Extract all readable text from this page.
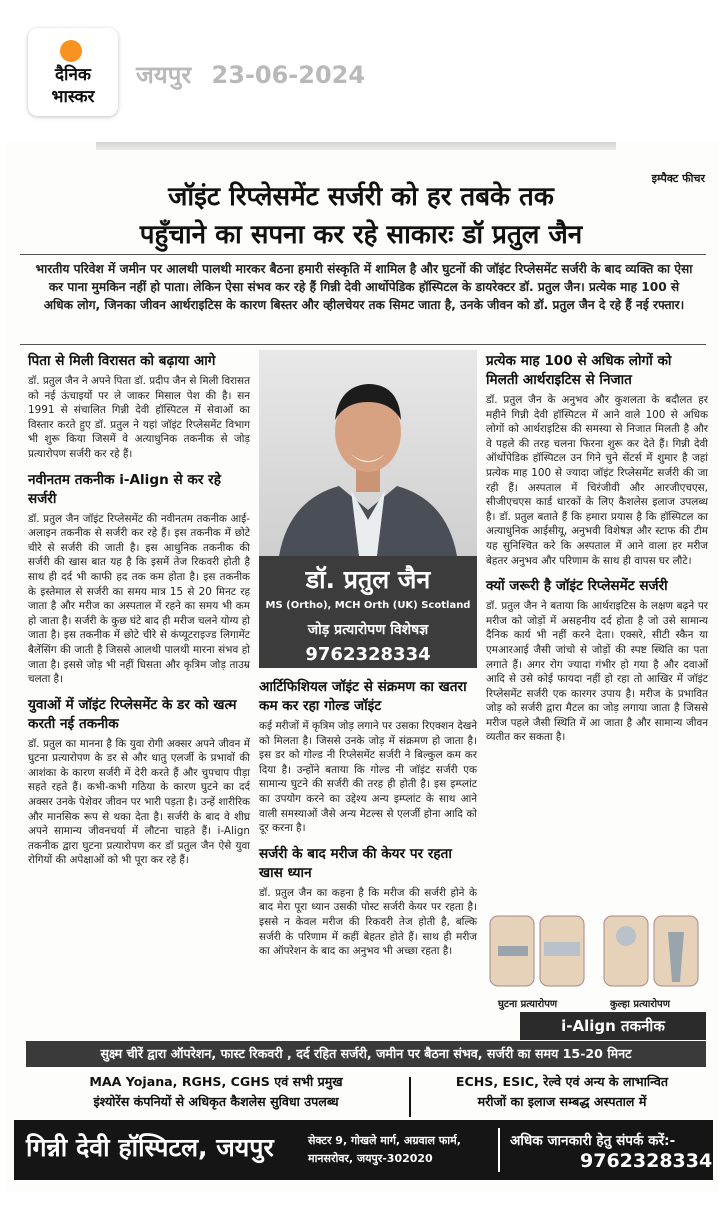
दैनिक
भास्कर
जयपुर 23-06-2024
इम्पैक्ट फीचर
जॉइंट रिप्लेसमेंट सर्जरी को हर तबके तक
पहुँचाने का सपना कर रहे साकारः डॉ प्रतुल जैन
भारतीय परिवेश में जमीन पर आलथी पालथी मारकर बैठना हमारी संस्कृति में शामिल है और घुटनों की जॉइंट रिप्लेसमेंट सर्जरी के बाद व्यक्ति का ऐसा कर पाना मुमकिन नहीं हो पाता। लेकिन ऐसा संभव कर रहे हैं गिन्नी देवी आर्थोपेडिक हॉस्पिटल के डायरेक्टर डॉ. प्रतुल जैन। प्रत्येक माह 100 से अधिक लोग, जिनका जीवन आर्थराइटिस के कारण बिस्तर और व्हीलचेयर तक सिमट जाता है, उनके जीवन को डॉ. प्रतुल जैन दे रहे हैं नई रफ्तार।
पिता से मिली विरासत को बढ़ाया आगे

डॉ. प्रतुल जैन ने अपने पिता डॉ. प्रदीप जैन से मिली विरासत को नई ऊंचाइयों पर ले जाकर मिसाल पेश की है। सन 1991 से संचालित गिन्नी देवी हॉस्पिटल में सेवाओं का विस्तार करते हुए डॉ. प्रतुल ने यहां जॉइंट रिप्लेसमेंट विभाग भी शुरू किया जिसमें वे अत्याधुनिक तकनीक से जोड़ प्रत्यारोपण सर्जरी कर रहे हैं।

नवीनतम तकनीक i-Align से कर रहे सर्जरी

डॉ. प्रतुल जैन जॉइंट रिप्लेसमेंट की नवीनतम तकनीक आई-अलाइन तकनीक से सर्जरी कर रहे हैं। इस तकनीक में छोटे चीरे से सर्जरी की जाती है। इस आधुनिक तकनीक की सर्जरी की खास बात यह है कि इसमें तेज रिकवरी होती है साथ ही दर्द भी काफी हद तक कम होता है। इस तकनीक के इस्तेमाल से सर्जरी का समय मात्र 15 से 20 मिनट रह जाता है और मरीज का अस्पताल में रहने का समय भी कम हो जाता है। सर्जरी के कुछ घंटे बाद ही मरीज चलने योग्य हो जाता है। इस तकनीक में छोटे चीरे से कंप्यूटराइज्ड लिगामेंट बैलेंसिंग की जाती है जिससे आलथी पालथी मारना संभव हो जाता है। इससे जोड़ भी नहीं घिसता और कृत्रिम जोड़ ताउम्र चलता है।

युवाओं में जॉइंट रिप्लेसमेंट के डर को खत्म करती नई तकनीक

डॉ. प्रतुल का मानना है कि युवा रोगी अक्सर अपने जीवन में घुटना प्रत्यारोपण के डर से और धातु एलर्जी के प्रभावों की आशंका के कारण सर्जरी में देरी करते हैं और चुपचाप पीड़ा सहते रहते हैं। कभी-कभी गठिया के कारण घुटने का दर्द अक्सर उनके पेशेवर जीवन पर भारी पड़ता है। उन्हें शारीरिक और मानसिक रूप से थका देता है। सर्जरी के बाद वे शीघ्र अपने सामान्य जीवनचर्या में लौटना चाहते हैं। i-Align तकनीक द्वारा घुटना प्रत्यारोपण कर डॉ प्रतुल जैन ऐसे युवा रोगियों की अपेक्षाओं को भी पूरा कर रहे हैं।

डॉ. प्रतुल जैन
MS (Ortho), MCH Orth (UK) Scotland
जोड़ प्रत्यारोपण विशेषज्ञ
9762328334
आर्टिफिशियल जॉइंट से संक्रमण का खतरा कम कर रहा गोल्ड जॉइंट

कई मरीजों में कृत्रिम जोड़ लगाने पर उसका रिएक्शन देखने को मिलता है। जिससे उनके जोड़ में संक्रमण हो जाता है। इस डर को गोल्ड नी रिप्लेसमेंट सर्जरी ने बिल्कुल कम कर दिया है। उन्होंने बताया कि गोल्ड नी जॉइंट सर्जरी एक सामान्य घुटने की सर्जरी की तरह ही होती है। इस इम्प्लांट का उपयोग करने का उद्देश्य अन्य इम्प्लांट के साथ आने वाली समस्याओं जैसे अन्य मेटल्स से एलर्जी होना आदि को दूर करना है।

सर्जरी के बाद मरीज की केयर पर रहता खास ध्यान

डॉ. प्रतुल जैन का कहना है कि मरीज की सर्जरी होने के बाद मेरा पूरा ध्यान उसकी पोस्ट सर्जरी केयर पर रहता है। इससे न केवल मरीज की रिकवरी तेज होती है, बल्कि सर्जरी के परिणाम में कहीं बेहतर होते हैं। साथ ही मरीज का ऑपरेशन के बाद का अनुभव भी अच्छा रहता है।

प्रत्येक माह 100 से अधिक लोगों को मिलती आर्थराइटिस से निजात

डॉ. प्रतुल जैन के अनुभव और कुशलता के बदौलत हर महीने गिन्नी देवी हॉस्पिटल में आने वाले 100 से अधिक लोगों को आर्थराइटिस की समस्या से निजात मिलती है और वे पहले की तरह चलना फिरना शुरू कर देते हैं। गिन्नी देवी ऑर्थोपेडिक हॉस्पिटल उन गिने चुने सेंटर्स में शुमार है जहां प्रत्येक माह 100 से ज्यादा जॉइंट रिप्लेसमेंट सर्जरी की जा रही हैं। अस्पताल में चिरंजीवी और आरजीएचएस, सीजीएचएस कार्ड धारकों के लिए कैशलेस इलाज उपलब्ध है। डॉ. प्रतुल बताते हैं कि हमारा प्रयास है कि हॉस्पिटल का अत्याधुनिक आईसीयू, अनुभवी विशेषज्ञ और स्टाफ की टीम यह सुनिश्चित करे कि अस्पताल में आने वाला हर मरीज बेहतर अनुभव और परिणाम के साथ ही वापस घर लौटे।

क्यों जरूरी है जॉइंट रिप्लेसमेंट सर्जरी

डॉ. प्रतुल जैन ने बताया कि आर्थराइटिस के लक्षण बढ़ने पर मरीज को जोड़ों में असहनीय दर्द होता है जो उसे सामान्य दैनिक कार्य भी नहीं करने देता। एक्सरे, सीटी स्कैन या एमआरआई जैसी जांचो से जोड़ों की स्पष्ट स्थिति का पता लगाते हैं। अगर रोग ज्यादा गंभीर हो गया है और दवाओं आदि से उसे कोई फायदा नहीं हो रहा तो आखिर में जॉइंट रिप्लेसमेंट सर्जरी एक कारगर उपाय है। मरीज के प्रभावित जोड़ को सर्जरी द्वारा मैटल का जोड़ लगाया जाता है जिससे मरीज पहले जैसी स्थिति में आ जाता है और सामान्य जीवन व्यतीत कर सकता है।

घुटना प्रत्यारोपण	कुल्हा प्रत्यारोपण
i-Align तकनीक
सुक्ष्म चीरें द्वारा ऑपरेशन, फास्ट रिकवरी , दर्द रहित सर्जरी, जमीन पर बैठना संभव, सर्जरी का समय 15-20 मिनट
MAA Yojana, RGHS, CGHS एवं सभी प्रमुख
इंश्योरेंस कंपनियों से अधिकृत कैशलेस सुविधा उपलब्ध
ECHS, ESIC, रेल्वे एवं अन्य के लाभान्वित
मरीजों का इलाज सम्बद्ध अस्पताल में
गिन्नी देवी हॉस्पिटल, जयपुर	सेक्टर 9, गोखले मार्ग, अग्रवाल फार्म,
मानसरोवर, जयपुर-302020
अधिक जानकारी हेतु संपर्क करें:-
9762328334
